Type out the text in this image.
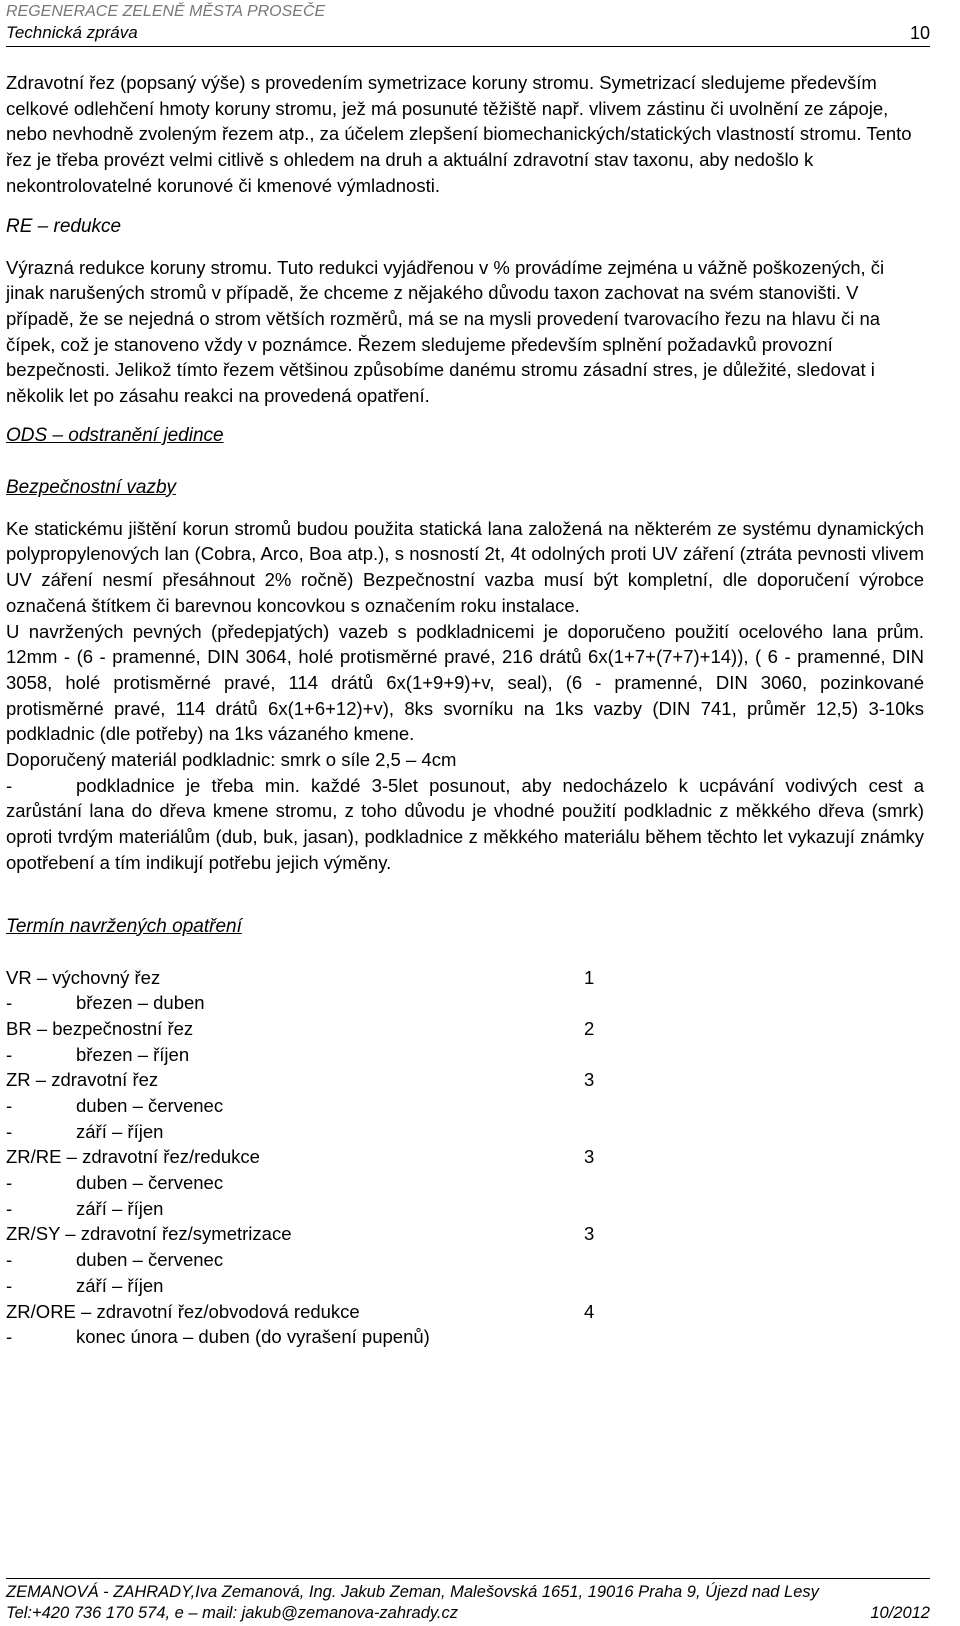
REGENERACE ZELENĚ MĚSTA PROSEČE
Technická zpráva	10

Zdravotní řez (popsaný výše) s provedením symetrizace koruny stromu. Symetrizací sledujeme především celkové odlehčení hmoty koruny stromu, jež má posunuté těžiště např. vlivem zástinu či uvolnění ze zápoje, nebo nevhodně zvoleným řezem atp., za účelem zlepšení biomechanických/statických vlastností stromu. Tento řez je třeba provézt velmi citlivě s ohledem na druh a aktuální zdravotní stav taxonu, aby nedošlo k nekontrolovatelné korunové či kmenové výmladnosti.

RE – redukce

Výrazná redukce koruny stromu. Tuto redukci vyjádřenou v % provádíme zejména u vážně poškozených, či jinak narušených stromů v případě, že chceme z nějakého důvodu taxon zachovat na svém stanovišti. V případě, že se nejedná o strom větších rozměrů, má se na mysli provedení tvarovacího řezu na hlavu či na čípek, což je stanoveno vždy v poznámce. Řezem sledujeme především splnění požadavků provozní bezpečnosti. Jelikož tímto řezem většinou způsobíme danému stromu zásadní stres, je důležité, sledovat i několik let po zásahu reakci na provedená opatření.

ODS – odstranění jedince

Bezpečnostní vazby

Ke statickému jištění korun stromů budou použita statická lana založená na některém ze systému dynamických polypropylenových lan (Cobra, Arco, Boa atp.), s nosností 2t, 4t odolných proti UV záření (ztráta pevnosti vlivem UV záření nesmí přesáhnout 2% ročně) Bezpečnostní vazba musí být kompletní, dle doporučení výrobce označená štítkem či barevnou koncovkou s označením roku instalace.

U navržených pevných (předepjatých) vazeb s podkladnicemi je doporučeno použití ocelového lana prům. 12mm - (6 - pramenné, DIN 3064, holé protisměrné pravé, 216 drátů 6x(1+7+(7+7)+14)), ( 6 - pramenné, DIN 3058, holé protisměrné pravé, 114 drátů 6x(1+9+9)+v, seal), (6 - pramenné, DIN 3060, pozinkované protisměrné pravé, 114 drátů 6x(1+6+12)+v), 8ks svorníku na 1ks vazby (DIN 741, průměr 12,5) 3-10ks podkladnic (dle potřeby) na 1ks vázaného kmene.

Doporučený materiál podkladnic: smrk o síle 2,5 – 4cm

-	podkladnice je třeba min. každé 3-5let posunout, aby nedocházelo k ucpávání vodivých cest a zarůstání lana do dřeva kmene stromu, z toho důvodu je vhodné použití podkladnic z měkkého dřeva (smrk) oproti tvrdým materiálům (dub, buk, jasan), podkladnice z měkkého materiálu během těchto let vykazují známky opotřebení a tím indikují potřebu jejich výměny.

Termín navržených opatření

VR – výchovný řez	1
-	březen – duben
BR – bezpečnostní řez	2
-	březen – říjen
ZR – zdravotní řez	3
-	duben – červenec
-	září – říjen
ZR/RE – zdravotní řez/redukce	3
-	duben – červenec
-	září – říjen
ZR/SY – zdravotní řez/symetrizace	3
-	duben – červenec
-	září – říjen
ZR/ORE – zdravotní řez/obvodová redukce	4
-	konec února – duben (do vyrašení pupenů)
ZEMANOVÁ - ZAHRADY,Iva Zemanová, Ing. Jakub Zeman, Malešovská 1651, 19016 Praha 9, Újezd nad Lesy
Tel:+420 736 170 574, e – mail: jakub@zemanova-zahrady.cz	10/2012
